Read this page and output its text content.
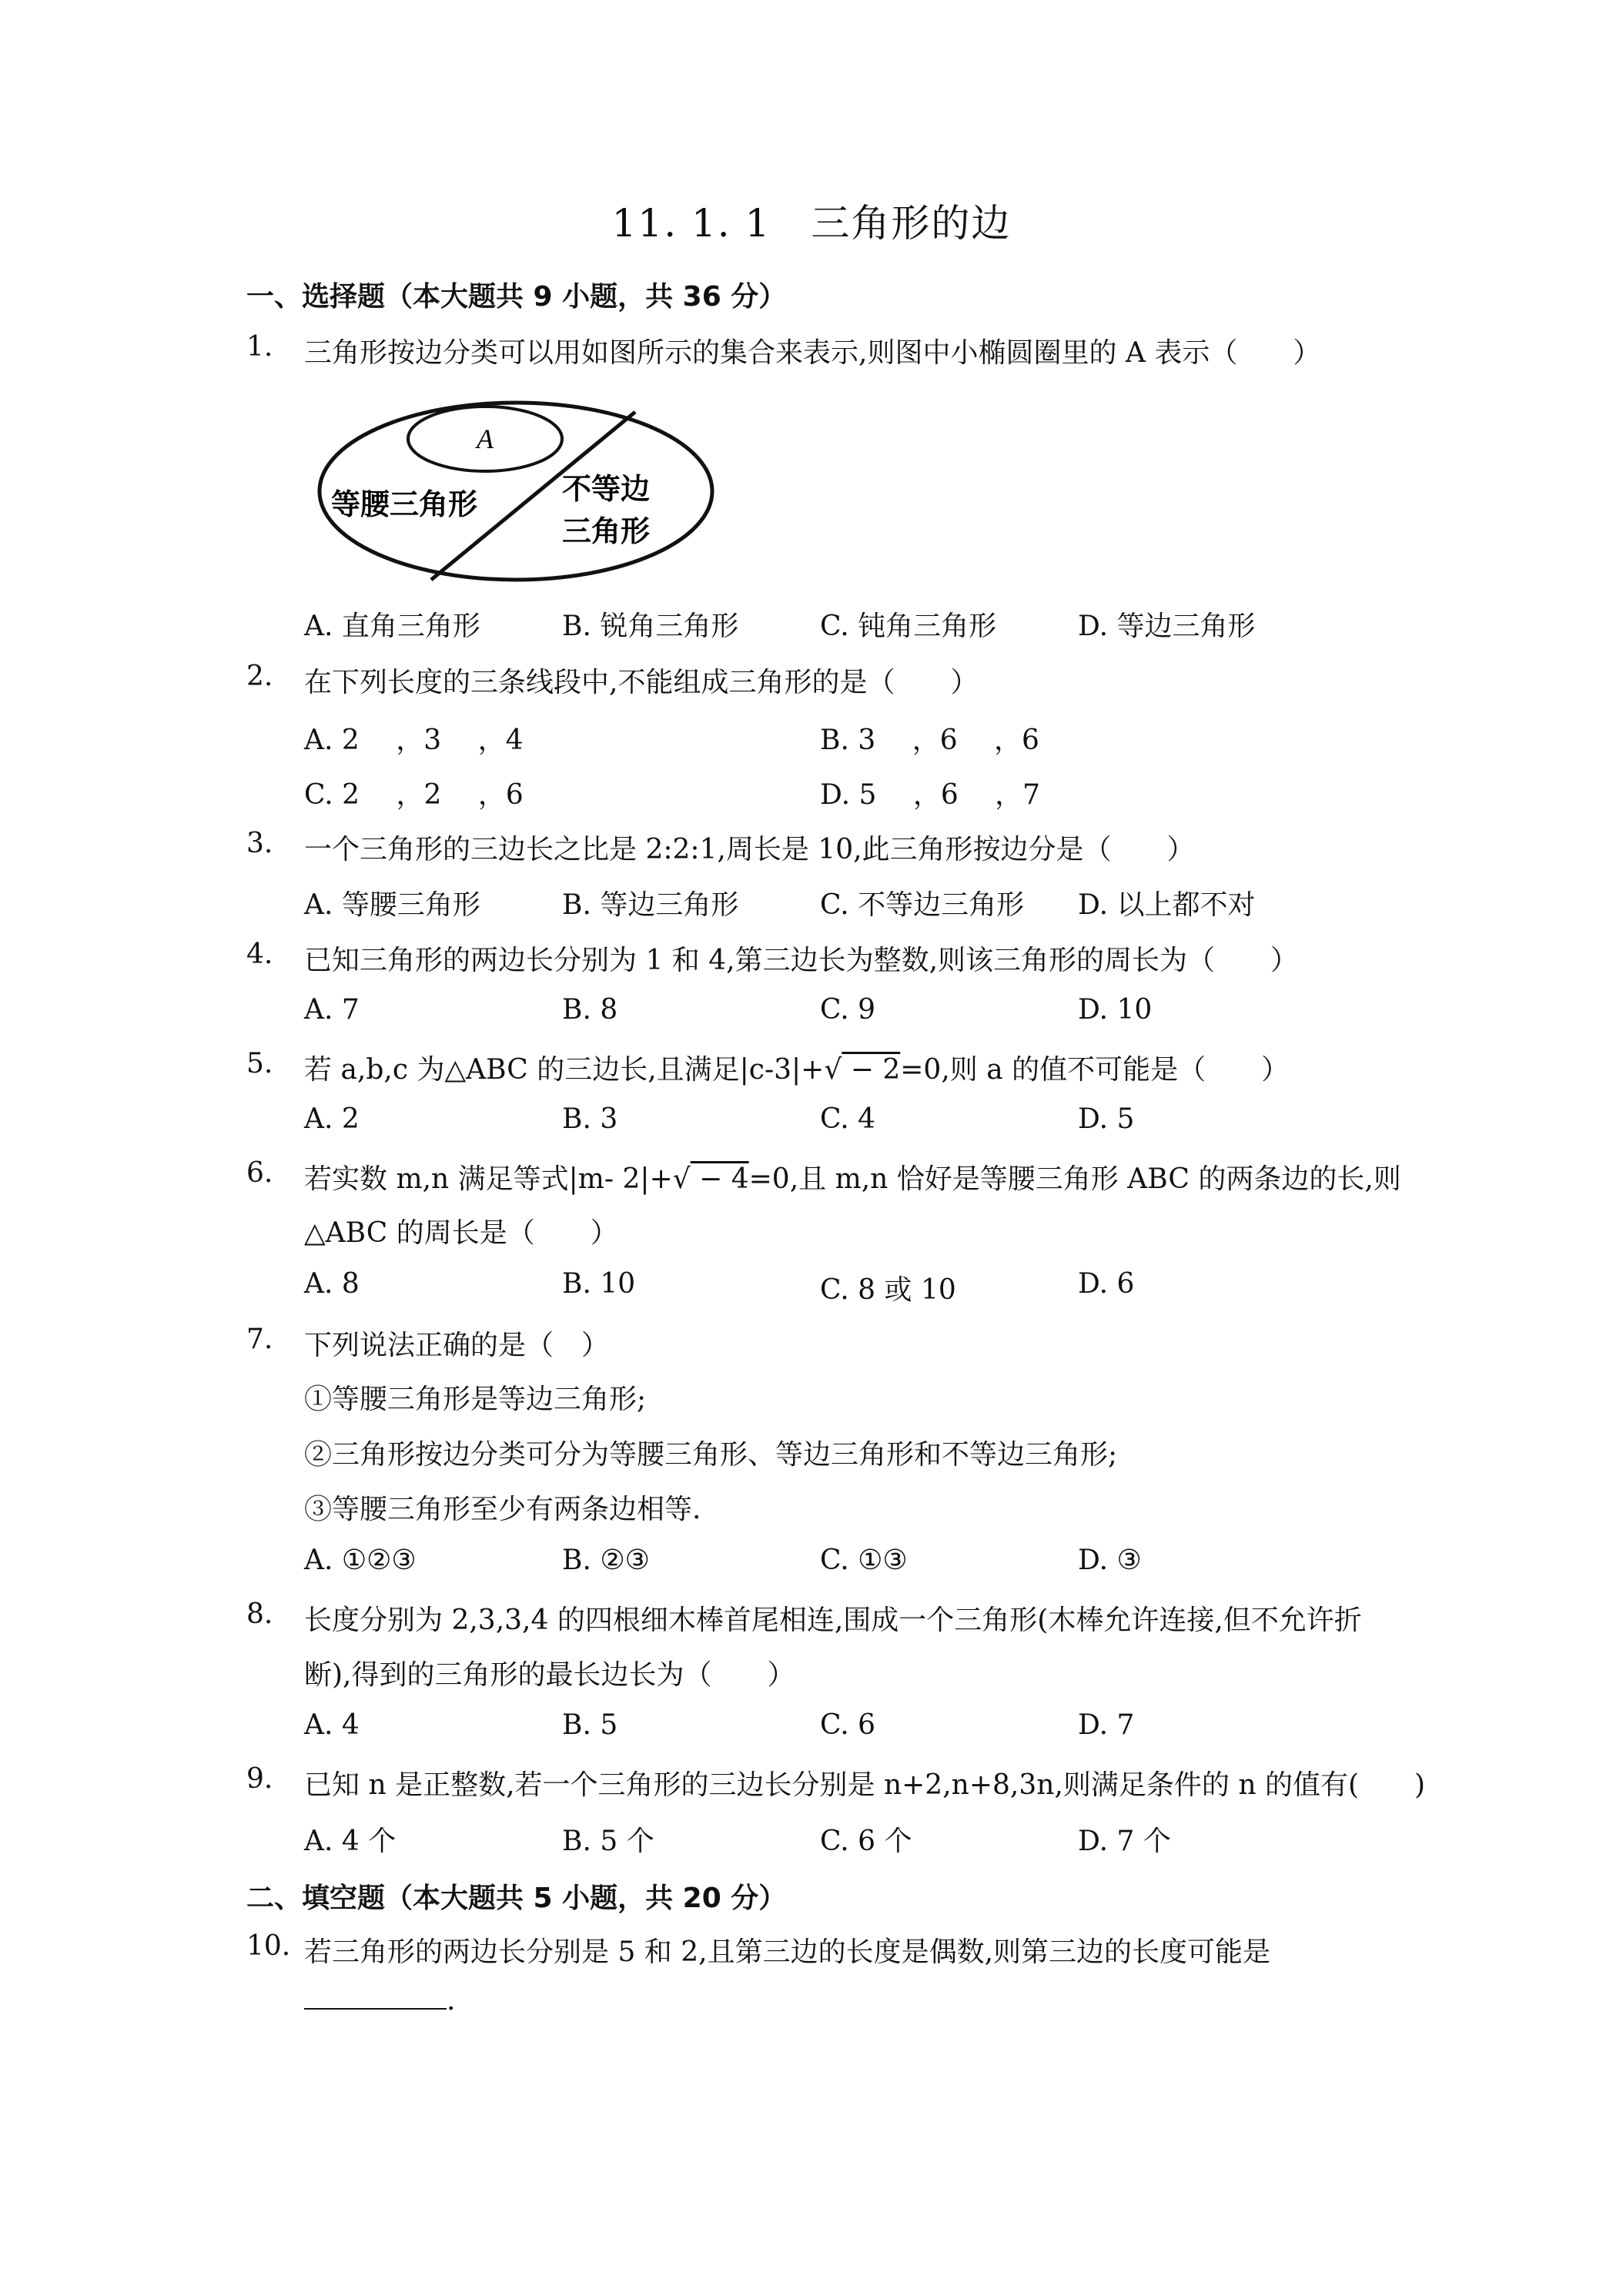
11. 1. 1　三角形的边
一、选择题（本大题共 9 小题，共 36 分）
1.	三角形按边分类可以用如图所示的集合来表示,则图中小椭圆圈里的 A 表示（　　）
A
等腰三角形	不等边
三角形
A. 直角三角形	B. 锐角三角形	C. 钝角三角形	D. 等边三角形
2.	在下列长度的三条线段中,不能组成三角形的是（　　）
A. 2　 ，3　 ，4	B. 3　 ，6　 ，6
C. 2　 ，2　 ，6	D. 5　 ，6　 ，7
3.	一个三角形的三边长之比是 2:2:1,周长是 10,此三角形按边分是（　　）
A. 等腰三角形	B. 等边三角形	C. 不等边三角形 D. 以上都不对
4.	已知三角形的两边长分别为 1 和 4,第三边长为整数,则该三角形的周长为（　　）
A. 7	B. 8	C. 9	D. 10
5.	若 a,b,c 为△ABC 的三边长,且满足|c-3|+√ − 2=0,则 a 的值不可能是（　　）
A. 2	B. 3	C. 4	D. 5
6.	若实数 m,n 满足等式|m- 2|+√ − 4=0,且 m,n 恰好是等腰三角形 ABC 的两条边的长,则
△ABC 的周长是（　　）
A. 8	B. 10	C. 8 或 10	D. 6
7.	下列说法正确的是（　）
①等腰三角形是等边三角形;
②三角形按边分类可分为等腰三角形、等边三角形和不等边三角形;
③等腰三角形至少有两条边相等.
A. ①②③	B. ②③	C. ①③	D. ③
8.	长度分别为 2,3,3,4 的四根细木棒首尾相连,围成一个三角形(木棒允许连接,但不允许折
断),得到的三角形的最长边长为（　　）
A. 4	B. 5	C. 6	D. 7
9.	已知 n 是正整数,若一个三角形的三边长分别是 n+2,n+8,3n,则满足条件的 n 的值有(　　)
A. 4 个	B. 5 个	C. 6 个	D. 7 个
二、填空题（本大题共 5 小题，共 20 分）
10. 若三角形的两边长分别是 5 和 2,且第三边的长度是偶数,则第三边的长度可能是
.
